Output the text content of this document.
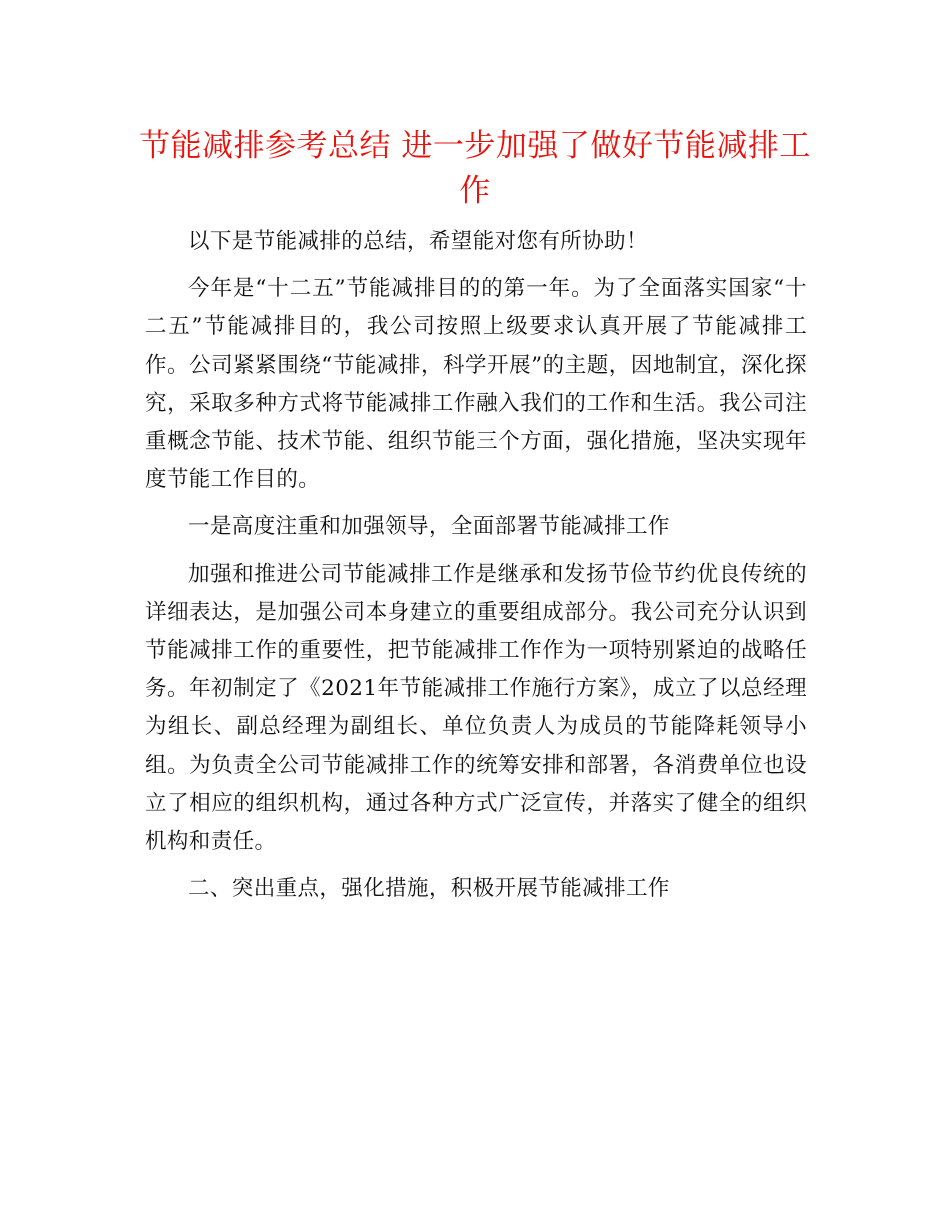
节能减排参考总结 进一步加强了做好节能减排工作

以下是节能减排的总结，希望能对您有所协助！

今年是“十二五”节能减排目的的第一年。为了全面落实国家“十二五”节能减排目的，我公司按照上级要求认真开展了节能减排工作。公司紧紧围绕“节能减排，科学开展”的主题，因地制宜，深化探究，采取多种方式将节能减排工作融入我们的工作和生活。我公司注重概念节能、技术节能、组织节能三个方面，强化措施，坚决实现年度节能工作目的。

一是高度注重和加强领导，全面部署节能减排工作

加强和推进公司节能减排工作是继承和发扬节俭节约优良传统的详细表达，是加强公司本身建立的重要组成部分。我公司充分认识到节能减排工作的重要性，把节能减排工作作为一项特别紧迫的战略任务。年初制定了《2021年节能减排工作施行方案》，成立了以总经理为组长、副总经理为副组长、单位负责人为成员的节能降耗领导小组。为负责全公司节能减排工作的统筹安排和部署，各消费单位也设立了相应的组织机构，通过各种方式广泛宣传，并落实了健全的组织机构和责任。

二、突出重点，强化措施，积极开展节能减排工作
